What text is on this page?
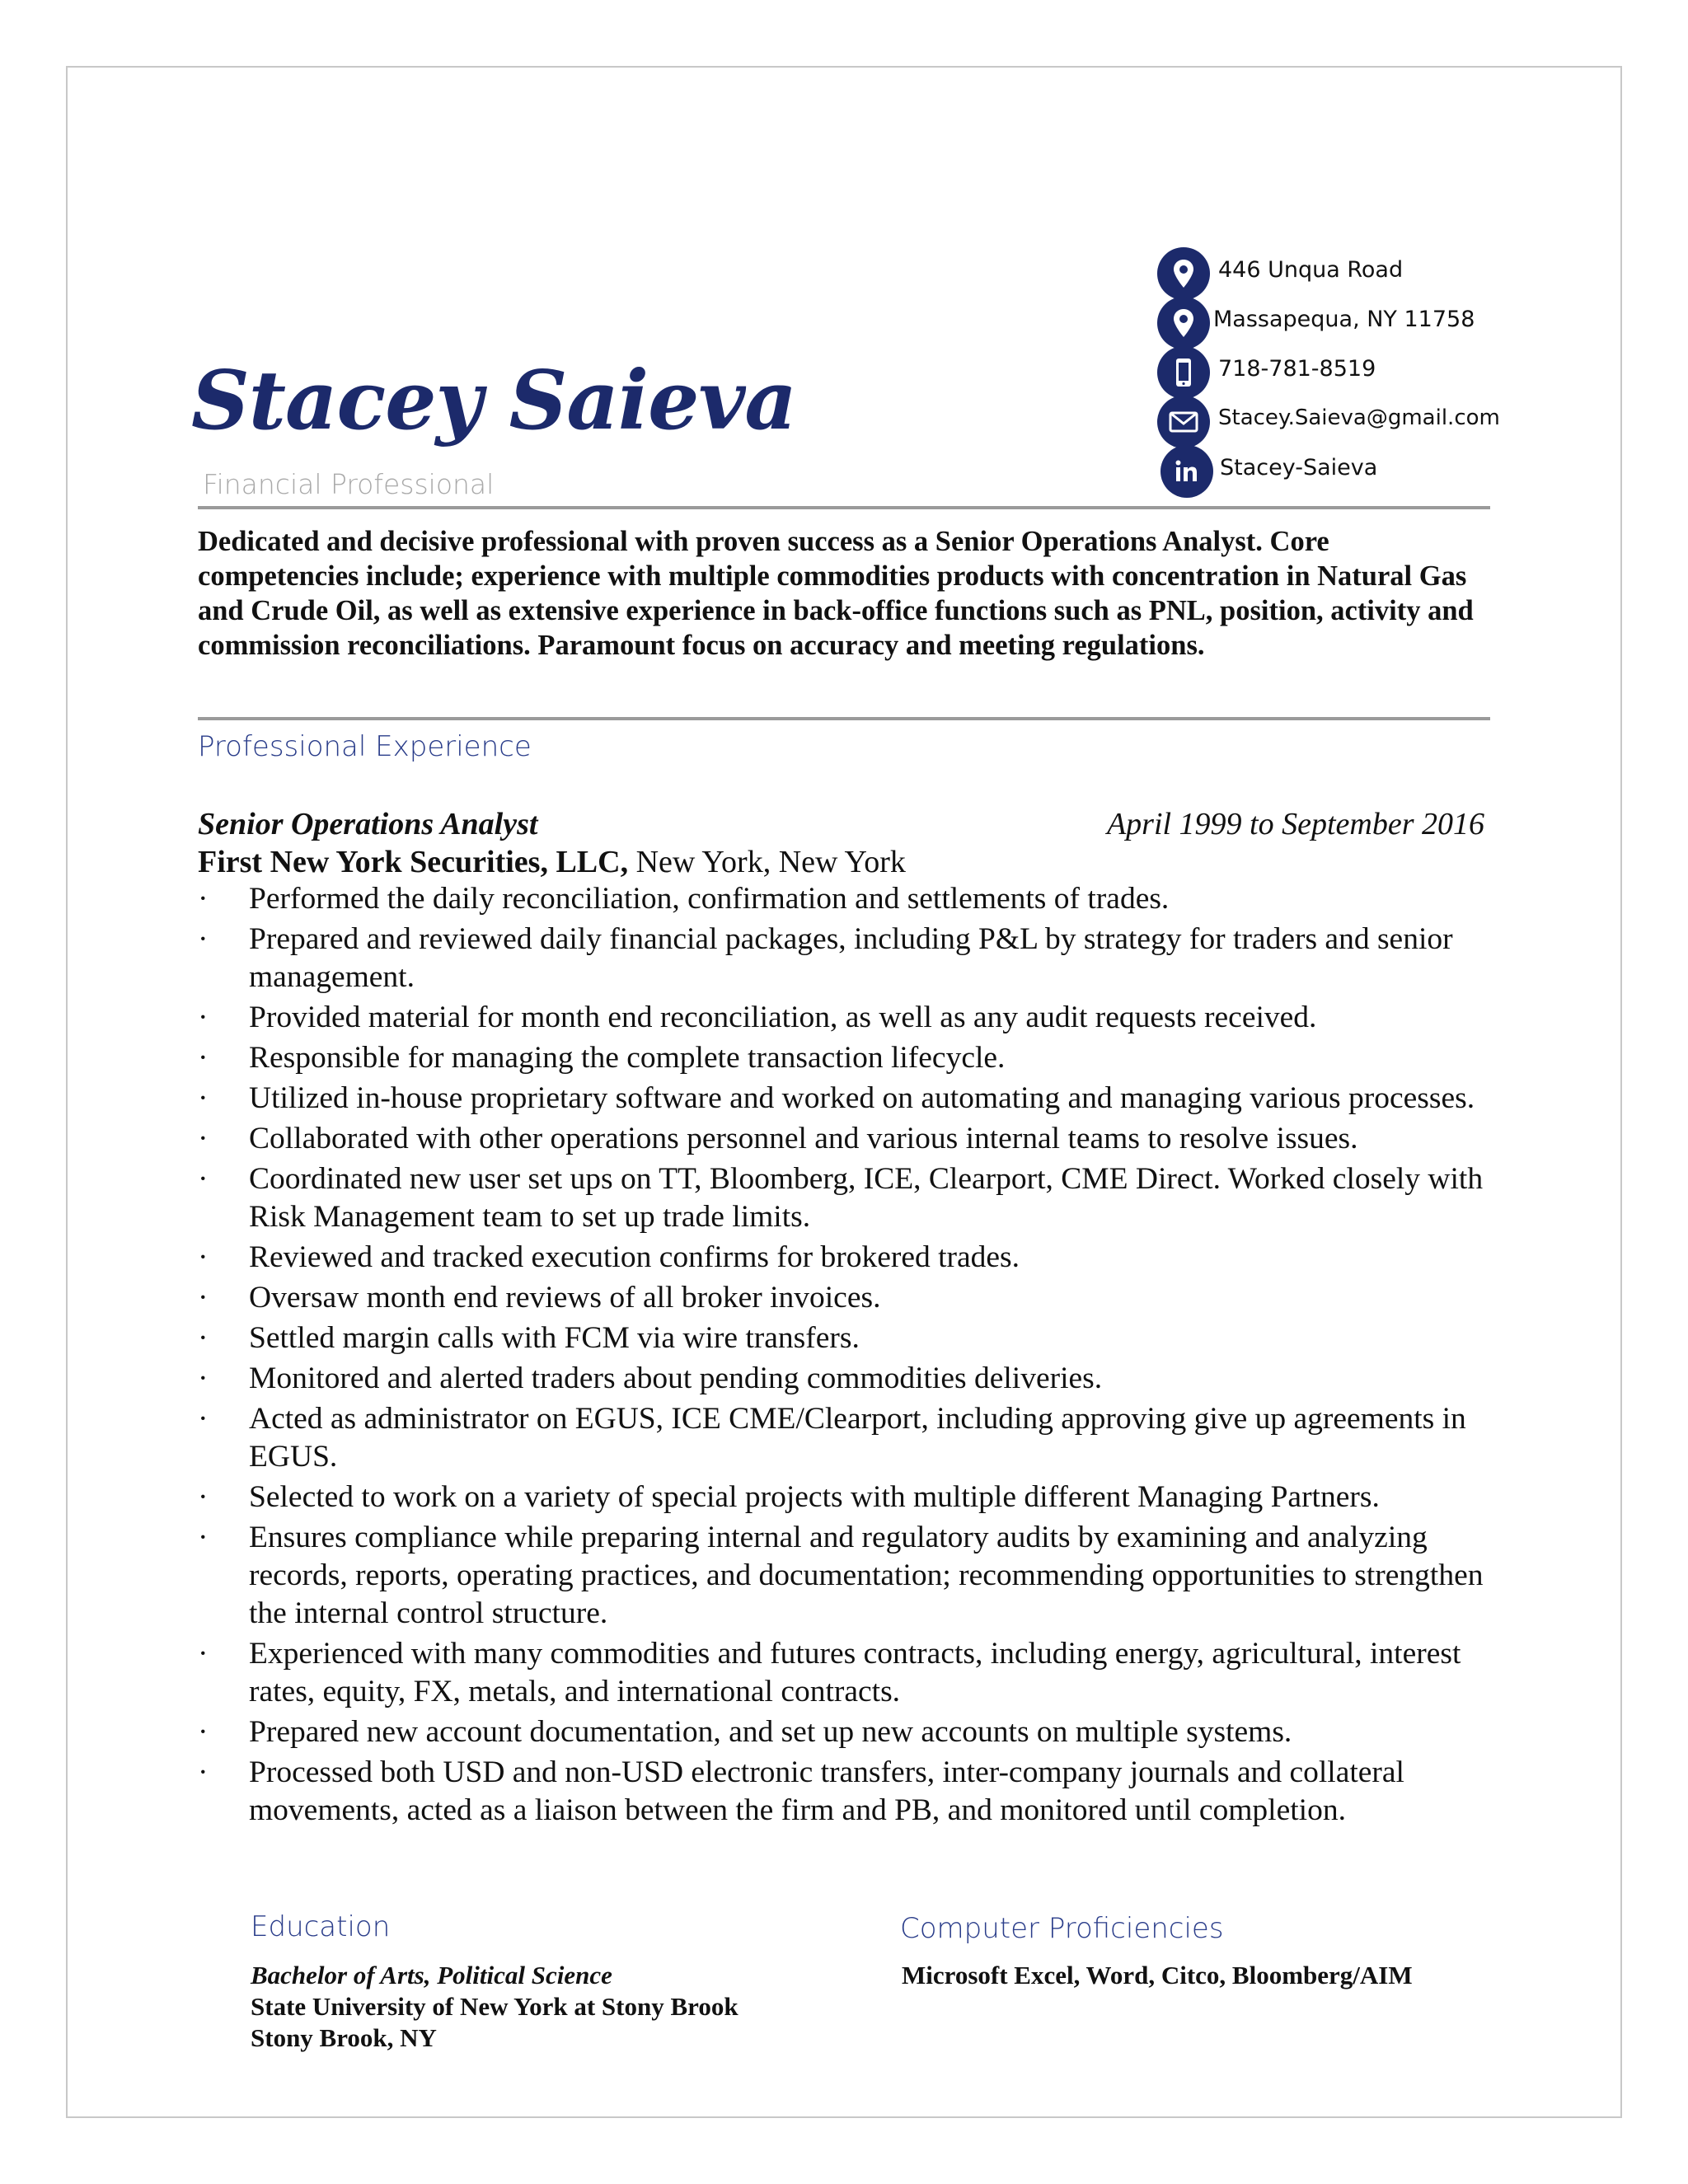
Stacey Saieva
Financial Professional
446 Unqua Road
Massapequa, NY 11758
718-781-8519
Stacey.Saieva@gmail.com
Stacey-Saieva
Dedicated and decisive professional with proven success as a Senior Operations Analyst. Core competencies include; experience with multiple commodities products with concentration in Natural Gas and Crude Oil, as well as extensive experience in back-office functions such as PNL, position, activity and commission reconciliations. Paramount focus on accuracy and meeting regulations.
Professional Experience
Senior Operations Analyst	April 1999 to September 2016
First New York Securities, LLC, New York, New York
·	Performed the daily reconciliation, confirmation and settlements of trades.
·	Prepared and reviewed daily financial packages, including P&L by strategy for traders and senior management.
·	Provided material for month end reconciliation, as well as any audit requests received.
·	Responsible for managing the complete transaction lifecycle.
·	Utilized in-house proprietary software and worked on automating and managing various processes.
·	Collaborated with other operations personnel and various internal teams to resolve issues.
·	Coordinated new user set ups on TT, Bloomberg, ICE, Clearport, CME Direct. Worked closely with Risk Management team to set up trade limits.
·	Reviewed and tracked execution confirms for brokered trades.
·	Oversaw month end reviews of all broker invoices.
·	Settled margin calls with FCM via wire transfers.
·	Monitored and alerted traders about pending commodities deliveries.
·	Acted as administrator on EGUS, ICE CME/Clearport, including approving give up agreements in EGUS.
·	Selected to work on a variety of special projects with multiple different Managing Partners.
·	Ensures compliance while preparing internal and regulatory audits by examining and analyzing records, reports, operating practices, and documentation; recommending opportunities to strengthen the internal control structure.
·	Experienced with many commodities and futures contracts, including energy, agricultural, interest rates, equity, FX, metals, and international contracts.
·	Prepared new account documentation, and set up new accounts on multiple systems.
·	Processed both USD and non-USD electronic transfers, inter-company journals and collateral movements, acted as a liaison between the firm and PB, and monitored until completion.
Education
Bachelor of Arts, Political Science
State University of New York at Stony Brook
Stony Brook, NY
Computer Proficiencies
Microsoft Excel, Word, Citco, Bloomberg/AIM
